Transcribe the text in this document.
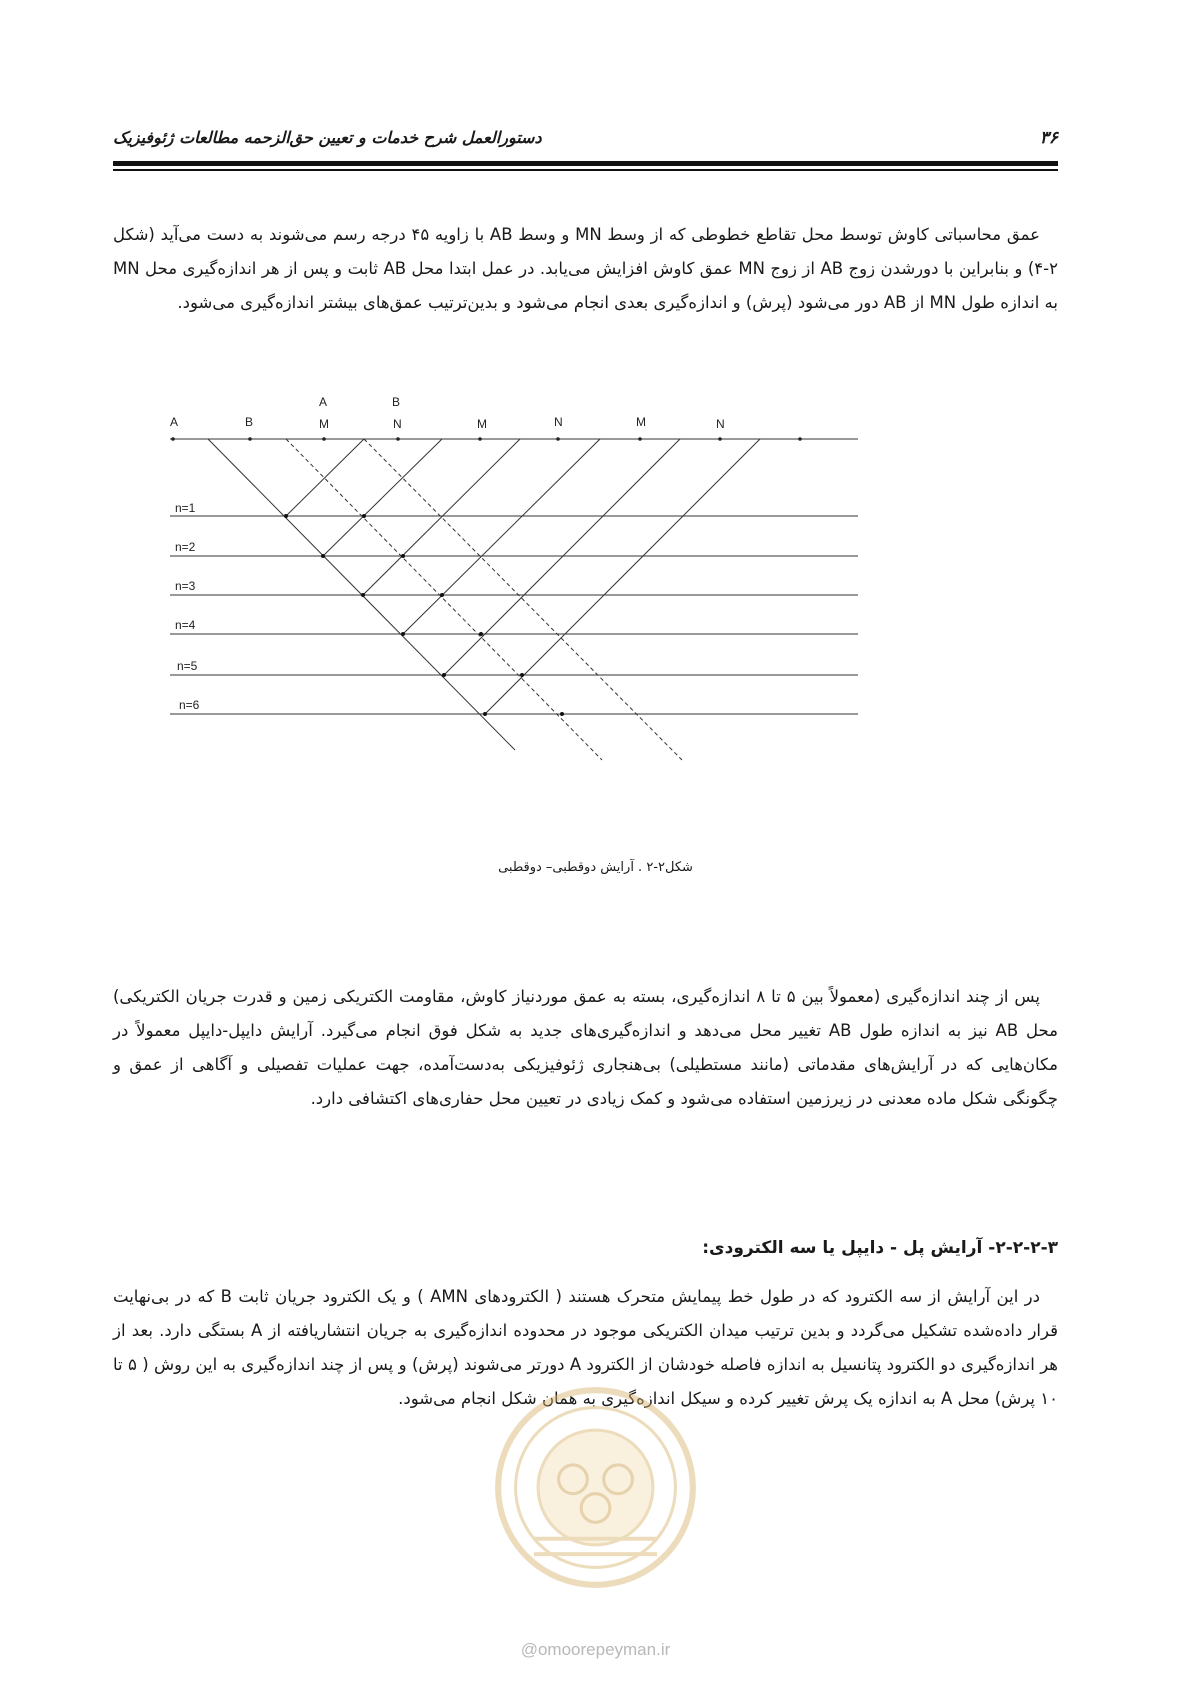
۳۶
دستورالعمل شرح خدمات و تعیین حق‌الزحمه مطالعات ژئوفیزیک

عمق محاسباتی کاوش توسط محل تقاطع خطوطی که از وسط MN و وسط AB با زاویه ۴۵ درجه رسم می‌شوند به دست می‌آید (شکل ۲-۴) و بنابراین با دورشدن زوج AB از زوج MN عمق کاوش افزایش می‌یابد. در عمل ابتدا محل AB ثابت و پس از هر اندازه‌گیری محل MN به اندازه طول MN از AB دور می‌شود (پرش) و اندازه‌گیری بعدی انجام می‌شود و بدین‌ترتیب عمق‌های بیشتر اندازه‌گیری می‌شود.

A	B
A	B	M	N	M	N	M	N
n=1
n=2
n=3
n=4
n=5
n=6
شکل۲-۲ . آرایش دوقطبی– دوقطبی

پس از چند اندازه‌گیری (معمولاً بین ۵ تا ۸ اندازه‌گیری، بسته به عمق موردنیاز کاوش، مقاومت الکتریکی زمین و قدرت جریان الکتریکی) محل AB نیز به اندازه طول AB تغییر محل می‌دهد و اندازه‌گیری‌های جدید به شکل فوق انجام می‌گیرد. آرایش دایپل-دایپل معمولاً در مکان‌هایی که در آرایش‌های مقدماتی (مانند مستطیلی) بی‌هنجاری ژئوفیزیکی به‌دست‌آمده، جهت عملیات تفصیلی و آگاهی از عمق و چگونگی شکل ماده معدنی در زیرزمین استفاده می‌شود و کمک زیادی در تعیین محل حفاری‌های اکتشافی دارد.

۲-۲-۲-۳- آرایش پل - دایپل یا سه الکترودی:

در این آرایش از سه الکترود که در طول خط پیمایش متحرک هستند ( الکترودهای AMN ) و یک الکترود جریان ثابت B که در بی‌نهایت قرار داده‌شده تشکیل می‌گردد و بدین ترتیب میدان الکتریکی موجود در محدوده اندازه‌گیری به جریان انتشاریافته از A بستگی دارد. بعد از هر اندازه‌گیری دو الکترود پتانسیل به اندازه فاصله خودشان از الکترود A دورتر می‌شوند (پرش) و پس از چند اندازه‌گیری به این روش ( ۵ تا ۱۰ پرش) محل A به اندازه یک پرش تغییر کرده و سیکل اندازه‌گیری به همان شکل انجام می‌شود.

@omoorepeyman.ir
